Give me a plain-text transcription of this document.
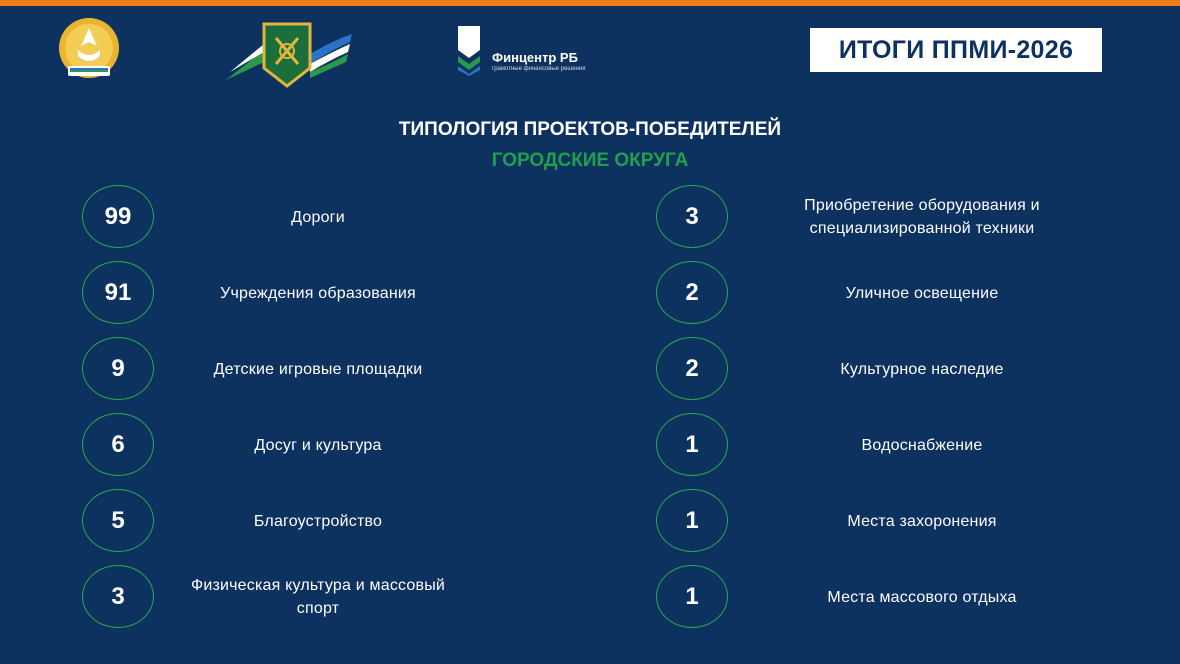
Финцентр РБ
грамотные финансовые решения
ИТОГИ ППМИ-2026
ТИПОЛОГИЯ ПРОЕКТОВ-ПОБЕДИТЕЛЕЙ
ГОРОДСКИЕ ОКРУГА
99	Дороги
91	Учреждения образования
9	Детские игровые площадки
6	Досуг и культура
5	Благоустройство
3	Физическая культура и массовый спорт
3	Приобретение оборудования и специализированной техники
2	Уличное освещение
2	Культурное наследие
1	Водоснабжение
1	Места захоронения
1	Места массового отдыха
